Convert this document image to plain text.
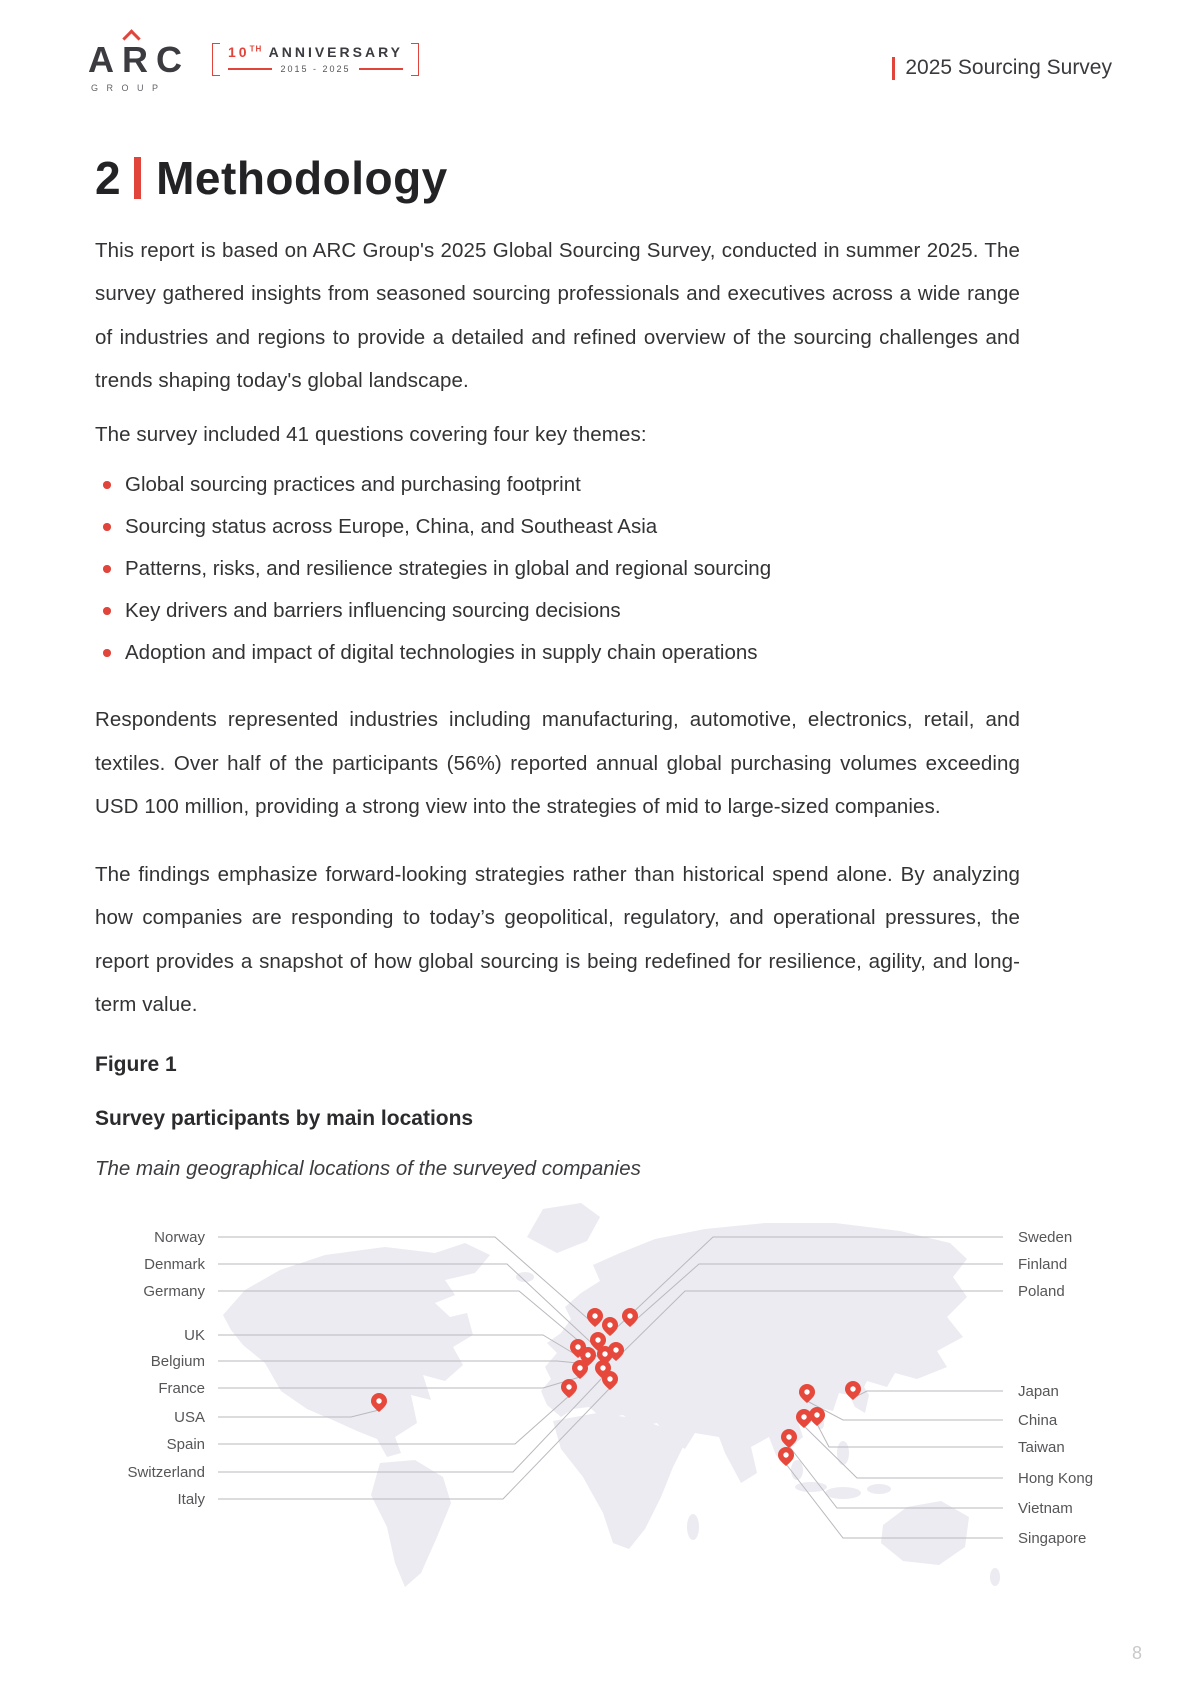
AR
C
GROUP
10TH ANNIVERSARY
2015 - 2025	2025 Sourcing Survey
2 Methodology

This report is based on ARC Group's 2025 Global Sourcing Survey, conducted in summer 2025. The survey gathered insights from seasoned sourcing professionals and executives across a wide range of industries and regions to provide a detailed and refined overview of the sourcing challenges and trends shaping today's global landscape.

The survey included 41 questions covering four key themes:

Global sourcing practices and purchasing footprint
Sourcing status across Europe, China, and Southeast Asia
Patterns, risks, and resilience strategies in global and regional sourcing
Key drivers and barriers influencing sourcing decisions
Adoption and impact of digital technologies in supply chain operations

Respondents represented industries including manufacturing, automotive, electronics, retail, and textiles. Over half of the participants (56%) reported annual global purchasing volumes exceeding USD 100 million, providing a strong view into the strategies of mid to large-sized companies.

The findings emphasize forward-looking strategies rather than historical spend alone. By analyzing how companies are responding to today’s geopolitical, regulatory, and operational pressures, the report provides a snapshot of how global sourcing is being redefined for resilience, agility, and long-term value.

Figure 1
Survey participants by main locations
The main geographical locations of the surveyed companies
Norway
Denmark
Germany
UK
Belgium
France
USA
Spain
Switzerland
Italy
Sweden
Finland
Poland
Japan
China
Taiwan
Hong Kong
Vietnam
Singapore
8
